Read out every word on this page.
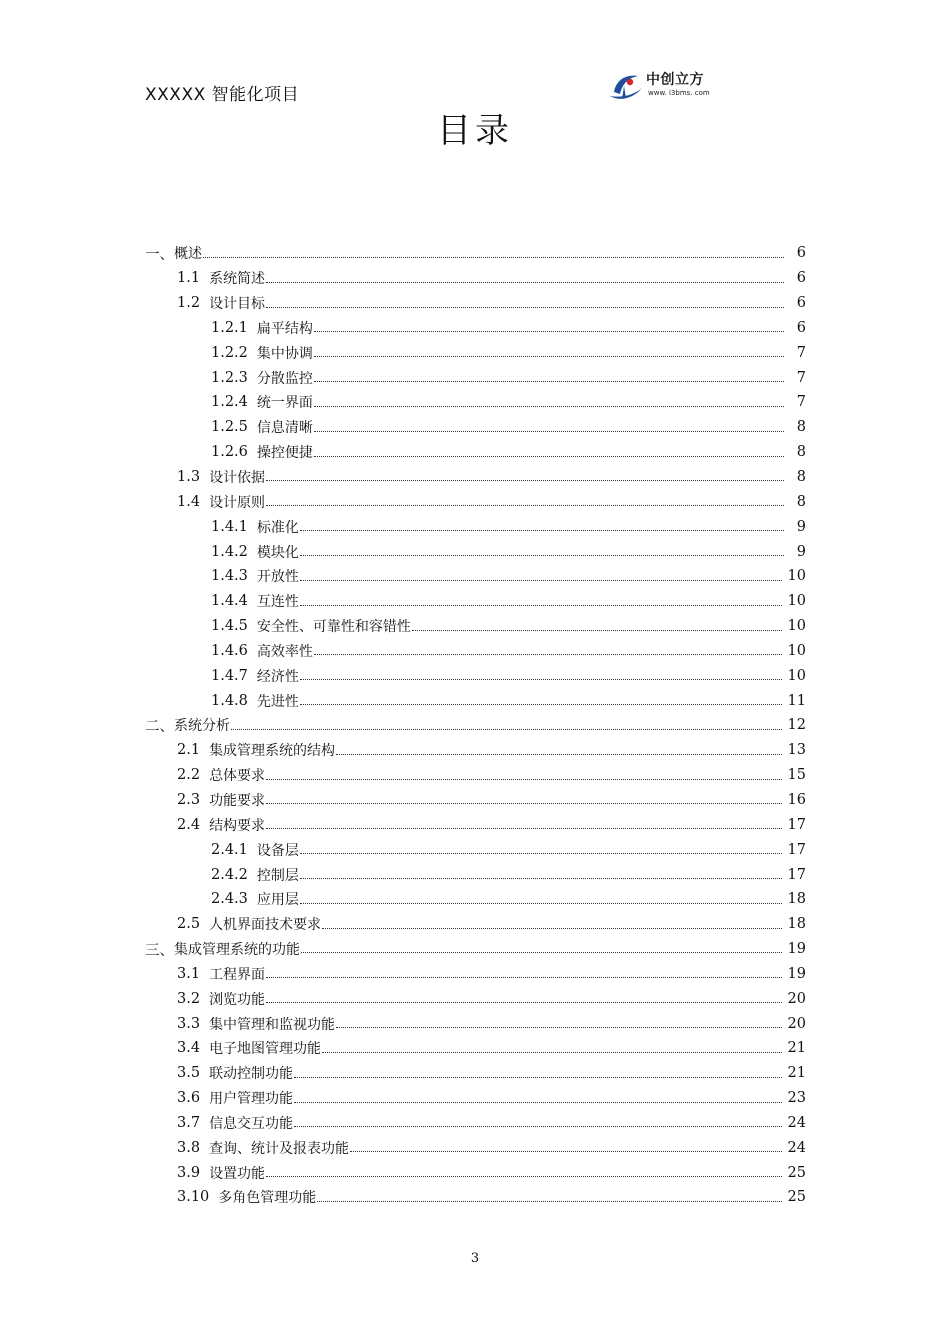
XXXXX 智能化项目
中创立方
www. i3bms. com
目录
一、 概述	6
1.1 系统简述	6
1.2 设计目标	6
1.2.1 扁平结构	6
1.2.2 集中协调	7
1.2.3 分散监控	7
1.2.4 统一界面	7
1.2.5 信息清晰	8
1.2.6 操控便捷	8
1.3 设计依据	8
1.4 设计原则	8
1.4.1 标准化	9
1.4.2 模块化	9
1.4.3 开放性	10
1.4.4 互连性	10
1.4.5 安全性、可靠性和容错性	10
1.4.6 高效率性	10
1.4.7 经济性	10
1.4.8 先进性	11
二、 系统分析	12
2.1 集成管理系统的结构	13
2.2 总体要求	15
2.3 功能要求	16
2.4 结构要求	17
2.4.1 设备层	17
2.4.2 控制层	17
2.4.3 应用层	18
2.5 人机界面技术要求	18
三、 集成管理系统的功能	19
3.1 工程界面	19
3.2 浏览功能	20
3.3 集中管理和监视功能	20
3.4 电子地图管理功能	21
3.5 联动控制功能	21
3.6 用户管理功能	23
3.7 信息交互功能	24
3.8 查询、统计及报表功能	24
3.9 设置功能	25
3.10 多角色管理功能	25
3
